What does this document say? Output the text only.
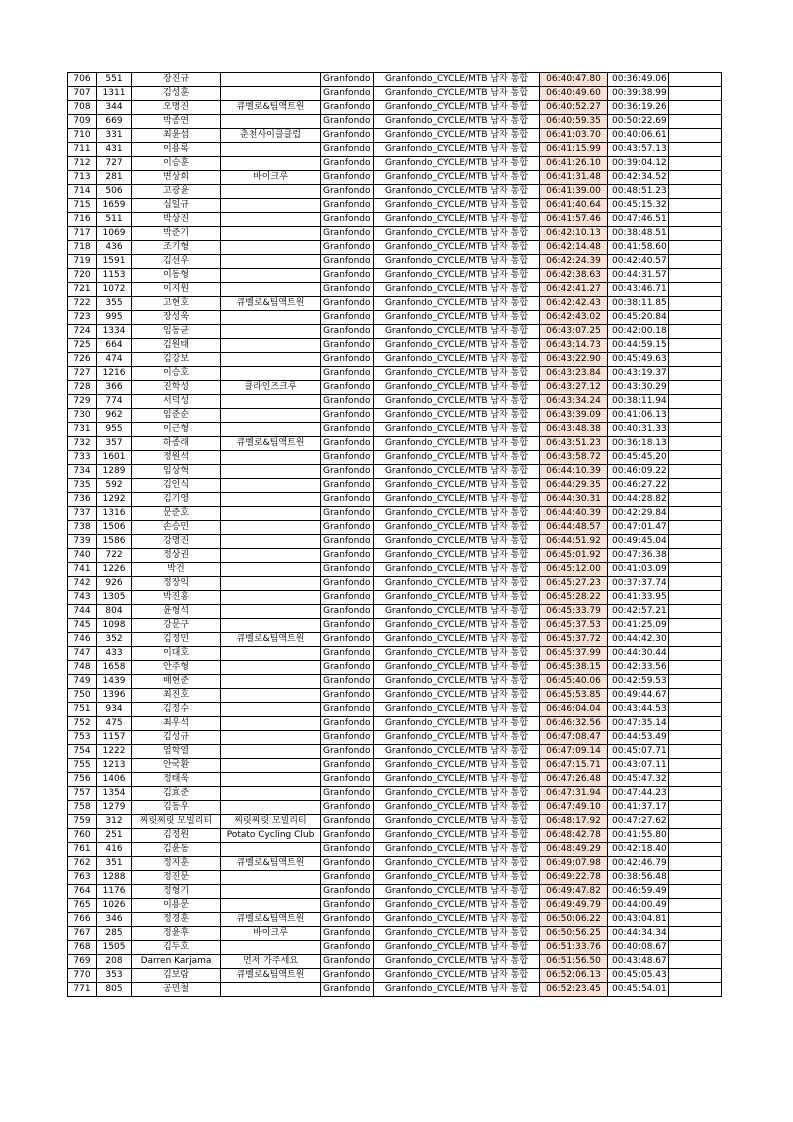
706	551	장진규		Granfondo	Granfondo_CYCLE/MTB 남자 통합	06:40:47.80	00:36:49.06	
707	1311	김성훈		Granfondo	Granfondo_CYCLE/MTB 남자 통합	06:40:49.60	00:39:38.99	
708	344	오명진	큐벨로&팀액트원	Granfondo	Granfondo_CYCLE/MTB 남자 통합	06:40:52.27	00:36:19.26	
709	669	박종연		Granfondo	Granfondo_CYCLE/MTB 남자 통합	06:40:59.35	00:50:22.69	
710	331	최윤섭	춘천사이클클럽	Granfondo	Granfondo_CYCLE/MTB 남자 통합	06:41:03.70	00:40:06.61	
711	431	이용록		Granfondo	Granfondo_CYCLE/MTB 남자 통합	06:41:15.99	00:43:57.13	
712	727	이승훈		Granfondo	Granfondo_CYCLE/MTB 남자 통합	06:41:26.10	00:39:04.12	
713	281	변상희	바이크루	Granfondo	Granfondo_CYCLE/MTB 남자 통합	06:41:31.48	00:42:34.52	
714	506	고광윤		Granfondo	Granfondo_CYCLE/MTB 남자 통합	06:41:39.00	00:48:51.23	
715	1659	심일규		Granfondo	Granfondo_CYCLE/MTB 남자 통합	06:41:40.64	00:45:15.32	
716	511	박상진		Granfondo	Granfondo_CYCLE/MTB 남자 통합	06:41:57.46	00:47:46.51	
717	1069	박준기		Granfondo	Granfondo_CYCLE/MTB 남자 통합	06:42:10.13	00:38:48.51	
718	436	조기형		Granfondo	Granfondo_CYCLE/MTB 남자 통합	06:42:14.48	00:41:58.60	
719	1591	김선우		Granfondo	Granfondo_CYCLE/MTB 남자 통합	06:42:24.39	00:42:40.57	
720	1153	이동형		Granfondo	Granfondo_CYCLE/MTB 남자 통합	06:42:38.63	00:44:31.57	
721	1072	이지원		Granfondo	Granfondo_CYCLE/MTB 남자 통합	06:42:41.27	00:43:46.71	
722	355	고현호	큐벨로&팀액트원	Granfondo	Granfondo_CYCLE/MTB 남자 통합	06:42:42.43	00:38:11.85	
723	995	장성욱		Granfondo	Granfondo_CYCLE/MTB 남자 통합	06:42:43.02	00:45:20.84	
724	1334	임동균		Granfondo	Granfondo_CYCLE/MTB 남자 통합	06:43:07.25	00:42:00.18	
725	664	김원태		Granfondo	Granfondo_CYCLE/MTB 남자 통합	06:43:14.73	00:44:59.15	
726	474	김강보		Granfondo	Granfondo_CYCLE/MTB 남자 통합	06:43:22.90	00:45:49.63	
727	1216	이승호		Granfondo	Granfondo_CYCLE/MTB 남자 통합	06:43:23.84	00:43:19.37	
728	366	진학성	클라인즈크루	Granfondo	Granfondo_CYCLE/MTB 남자 통합	06:43:27.12	00:43:30.29	
729	774	서덕성		Granfondo	Granfondo_CYCLE/MTB 남자 통합	06:43:34.24	00:38:11.94	
730	962	임준순		Granfondo	Granfondo_CYCLE/MTB 남자 통합	06:43:39.09	00:41:06.13	
731	955	이근형		Granfondo	Granfondo_CYCLE/MTB 남자 통합	06:43:48.38	00:40:31.33	
732	357	하종래	큐벨로&팀액트원	Granfondo	Granfondo_CYCLE/MTB 남자 통합	06:43:51.23	00:36:18.13	
733	1601	정원석		Granfondo	Granfondo_CYCLE/MTB 남자 통합	06:43:58.72	00:45:45.20	
734	1289	임상혁		Granfondo	Granfondo_CYCLE/MTB 남자 통합	06:44:10.39	00:46:09.22	
735	592	김인식		Granfondo	Granfondo_CYCLE/MTB 남자 통합	06:44:29.35	00:46:27.22	
736	1292	김기영		Granfondo	Granfondo_CYCLE/MTB 남자 통합	06:44:30.31	00:44:28.82	
737	1316	문준호		Granfondo	Granfondo_CYCLE/MTB 남자 통합	06:44:40.39	00:42:29.84	
738	1506	손승민		Granfondo	Granfondo_CYCLE/MTB 남자 통합	06:44:48.57	00:47:01.47	
739	1586	강명진		Granfondo	Granfondo_CYCLE/MTB 남자 통합	06:44:51.92	00:49:45.04	
740	722	정상권		Granfondo	Granfondo_CYCLE/MTB 남자 통합	06:45:01.92	00:47:36.38	
741	1226	박건		Granfondo	Granfondo_CYCLE/MTB 남자 통합	06:45:12.00	00:41:03.09	
742	926	정장익		Granfondo	Granfondo_CYCLE/MTB 남자 통합	06:45:27.23	00:37:37.74	
743	1305	박진홍		Granfondo	Granfondo_CYCLE/MTB 남자 통합	06:45:28.22	00:41:33.95	
744	804	윤형석		Granfondo	Granfondo_CYCLE/MTB 남자 통합	06:45:33.79	00:42:57.21	
745	1098	강문구		Granfondo	Granfondo_CYCLE/MTB 남자 통합	06:45:37.53	00:41:25.09	
746	352	김정민	큐벨로&팀액트원	Granfondo	Granfondo_CYCLE/MTB 남자 통합	06:45:37.72	00:44:42.30	
747	433	이대호		Granfondo	Granfondo_CYCLE/MTB 남자 통합	06:45:37.99	00:44:30.44	
748	1658	안주형		Granfondo	Granfondo_CYCLE/MTB 남자 통합	06:45:38.15	00:42:33.56	
749	1439	배현준		Granfondo	Granfondo_CYCLE/MTB 남자 통합	06:45:40.06	00:42:59.53	
750	1396	최진호		Granfondo	Granfondo_CYCLE/MTB 남자 통합	06:45:53.85	00:49:44.67	
751	934	김정수		Granfondo	Granfondo_CYCLE/MTB 남자 통합	06:46:04.04	00:43:44.53	
752	475	최우석		Granfondo	Granfondo_CYCLE/MTB 남자 통합	06:46:32.56	00:47:35.14	
753	1157	김성규		Granfondo	Granfondo_CYCLE/MTB 남자 통합	06:47:08.47	00:44:53.49	
754	1222	염학열		Granfondo	Granfondo_CYCLE/MTB 남자 통합	06:47:09.14	00:45:07.71	
755	1213	안국환		Granfondo	Granfondo_CYCLE/MTB 남자 통합	06:47:15.71	00:43:07.11	
756	1406	정태욱		Granfondo	Granfondo_CYCLE/MTB 남자 통합	06:47:26.48	00:45:47.32	
757	1354	김효준		Granfondo	Granfondo_CYCLE/MTB 남자 통합	06:47:31.94	00:47:44.23	
758	1279	김동우		Granfondo	Granfondo_CYCLE/MTB 남자 통합	06:47:49.10	00:41:37.17	
759	312	찌릿찌릿 모빌리티	찌릿찌릿 모빌리티	Granfondo	Granfondo_CYCLE/MTB 남자 통합	06:48:17.92	00:47:27.62	
760	251	김정원	Potato Cycling Club	Granfondo	Granfondo_CYCLE/MTB 남자 통합	06:48:42.78	00:41:55.80	
761	416	김윤동		Granfondo	Granfondo_CYCLE/MTB 남자 통합	06:48:49.29	00:42:18.40	
762	351	정지훈	큐벨로&팀액트원	Granfondo	Granfondo_CYCLE/MTB 남자 통합	06:49:07.98	00:42:46.79	
763	1288	정진문		Granfondo	Granfondo_CYCLE/MTB 남자 통합	06:49:22.78	00:38:56.48	
764	1176	정형기		Granfondo	Granfondo_CYCLE/MTB 남자 통합	06:49:47.82	00:46:59.49	
765	1026	이용문		Granfondo	Granfondo_CYCLE/MTB 남자 통합	06:49:49.79	00:44:00.49	
766	346	정경훈	큐벨로&팀액트원	Granfondo	Granfondo_CYCLE/MTB 남자 통합	06:50:06.22	00:43:04.81	
767	285	정윤후	바이크루	Granfondo	Granfondo_CYCLE/MTB 남자 통합	06:50:56.25	00:44:34.34	
768	1505	김두호		Granfondo	Granfondo_CYCLE/MTB 남자 통합	06:51:33.76	00:40:08.67	
769	208	Darren Karjama	먼저 가주세요	Granfondo	Granfondo_CYCLE/MTB 남자 통합	06:51:56.50	00:43:48.67	
770	353	김보람	큐벨로&팀액트원	Granfondo	Granfondo_CYCLE/MTB 남자 통합	06:52:06.13	00:45:05.43	
771	805	공민철		Granfondo	Granfondo_CYCLE/MTB 남자 통합	06:52:23.45	00:45:54.01	
